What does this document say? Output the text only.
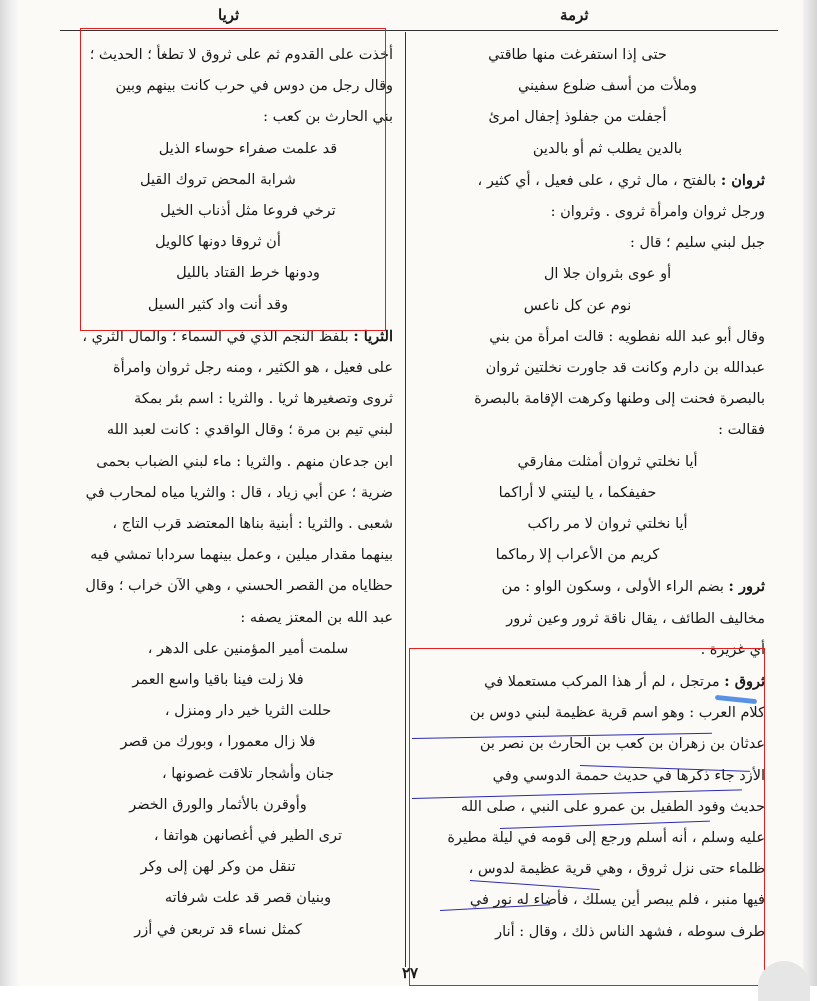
ثرمة
ثريا

حتى إذا استفرغت منها طاقتي

وملأت من أسف ضلوع سفيني

أجفلت من جفلوذ إجفال امرئ

بالدين يطلب ثم أو بالدين

ثروان : بالفتح ، مال ثري ، على فعيل ، أي كثير ،

ورجل ثروان وامرأة ثروى . وثروان :

جبل لبني سليم ؛ قال :

أو عوى بثروان جلا ال

نوم عن كل ناعس

وقال أبو عبد الله نفطويه : قالت امرأة من بني

عبدالله بن دارم وكانت قد جاورت نخلتين ثروان

بالبصرة فحنت إلى وطنها وكرهت الإقامة بالبصرة

فقالت :

أيا نخلتي ثروان أمثلت مفارقي

حفيفكما ، يا ليتني لا أراكما

أيا نخلتي ثروان لا مر راكب

كريم من الأعراب إلا رماكما

ثرور : بضم الراء الأولى ، وسكون الواو : من

مخاليف الطائف ، يقال ناقة ثرور وعين ثرور

أي غزيرة .

ثروق : مرتجل ، لم أر هذا المركب مستعملا في

كلام العرب : وهو اسم قرية عظيمة لبني دوس بن

عدثان بن زهران بن كعب بن الحارث بن نصر بن

الأزد جاء ذكرها في حديث حممة الدوسي وفي

حديث وفود الطفيل بن عمرو على النبي ، صلى الله

عليه وسلم ، أنه أسلم ورجع إلى قومه في ليلة مطيرة

ظلماء حتى نزل ثروق ، وهي قرية عظيمة لدوس ،

فيها منبر ، فلم يبصر أين يسلك ، فأضاء له نور في

طرف سوطه ، فشهد الناس ذلك ، وقال : أنار

أخذت على القدوم ثم على ثروق لا تطغأ ؛ الحديث ؛

وقال رجل من دوس في حرب كانت بينهم وبين

بني الحارث بن كعب :

قد علمت صفراء حوساء الذيل

شرابة المحض تروك القيل

ترخي فروعا مثل أذناب الخيل

أن ثروقا دونها كالويل

ودونها خرط القتاد بالليل

وقد أنت واد كثير السيل

الثريا : بلفظ النجم الذي في السماء ؛ والمال الثري ،

على فعيل ، هو الكثير ، ومنه رجل ثروان وامرأة

ثروى وتصغيرها ثريا . والثريا : اسم بئر بمكة

لبني تيم بن مرة ؛ وقال الواقدي : كانت لعبد الله

ابن جدعان منهم . والثريا : ماء لبني الضباب بحمى

ضرية ؛ عن أبي زياد ، قال : والثريا مياه لمحارب في

شعبى . والثريا : أبنية بناها المعتضد قرب التاج ،

بينهما مقدار ميلين ، وعمل بينهما سردابا تمشي فيه

حظاياه من القصر الحسني ، وهي الآن خراب ؛ وقال

عبد الله بن المعتز يصفه :

سلمت أمير المؤمنين على الدهر ،

فلا زلت فينا باقيا واسع العمر

حللت الثريا خير دار ومنزل ،

فلا زال معمورا ، وبورك من قصر

جنان وأشجار تلاقت غصونها ،

وأوقرن بالأثمار والورق الخضر

ترى الطير في أغصانهن هواتفا ،

تنقل من وكر لهن إلى وكر

وبنيان قصر قد علت شرفاته

كمثل نساء قد تربعن في أزر

٢٧
